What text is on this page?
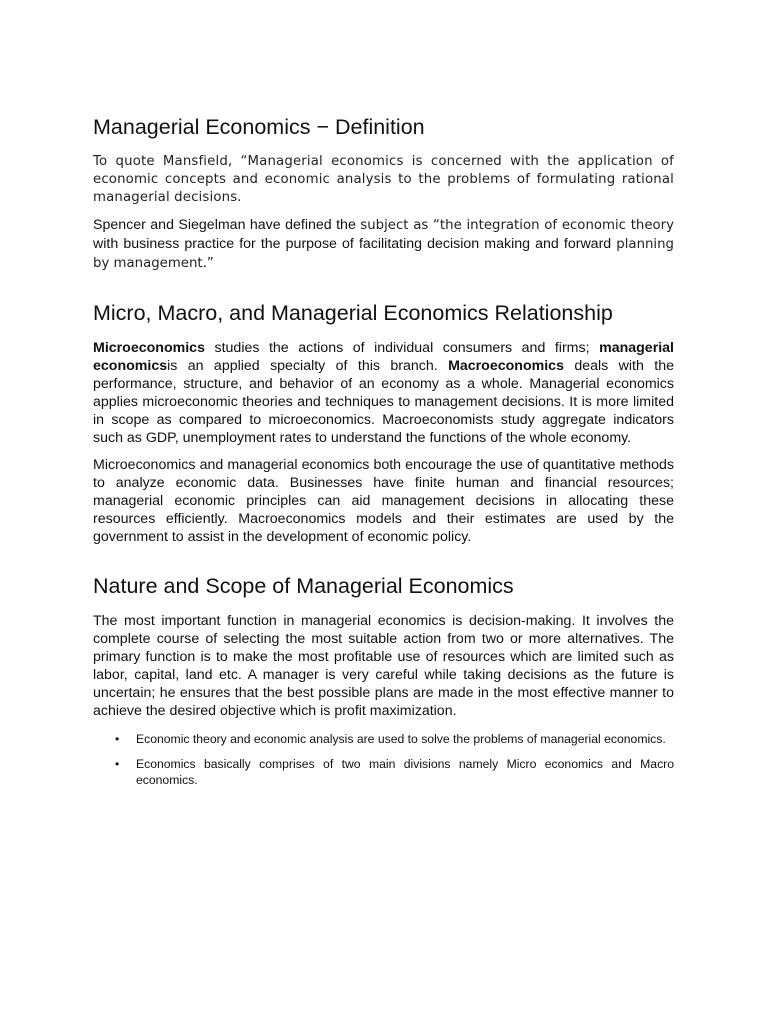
Managerial Economics − Definition

To quote Mansfield, “Managerial economics is concerned with the application of economic concepts and economic analysis to the problems of formulating rational managerial decisions.

Spencer and Siegelman have defined the subject as “the integration of economic theory with business practice for the purpose of facilitating decision making and forward planning by management.”

Micro, Macro, and Managerial Economics Relationship

Microeconomics studies the actions of individual consumers and firms; managerial economicsis an applied specialty of this branch. Macroeconomics deals with the performance, structure, and behavior of an economy as a whole. Managerial economics applies microeconomic theories and techniques to management decisions. It is more limited in scope as compared to microeconomics. Macroeconomists study aggregate indicators such as GDP, unemployment rates to understand the functions of the whole economy.

Microeconomics and managerial economics both encourage the use of quantitative methods to analyze economic data. Businesses have finite human and financial resources; managerial economic principles can aid management decisions in allocating these resources efficiently. Macroeconomics models and their estimates are used by the government to assist in the development of economic policy.

Nature and Scope of Managerial Economics

The most important function in managerial economics is decision-making. It involves the complete course of selecting the most suitable action from two or more alternatives. The primary function is to make the most profitable use of resources which are limited such as labor, capital, land etc. A manager is very careful while taking decisions as the future is uncertain; he ensures that the best possible plans are made in the most effective manner to achieve the desired objective which is profit maximization.

• Economic theory and economic analysis are used to solve the problems of managerial economics.
• Economics basically comprises of two main divisions namely Micro economics and Macro economics.
